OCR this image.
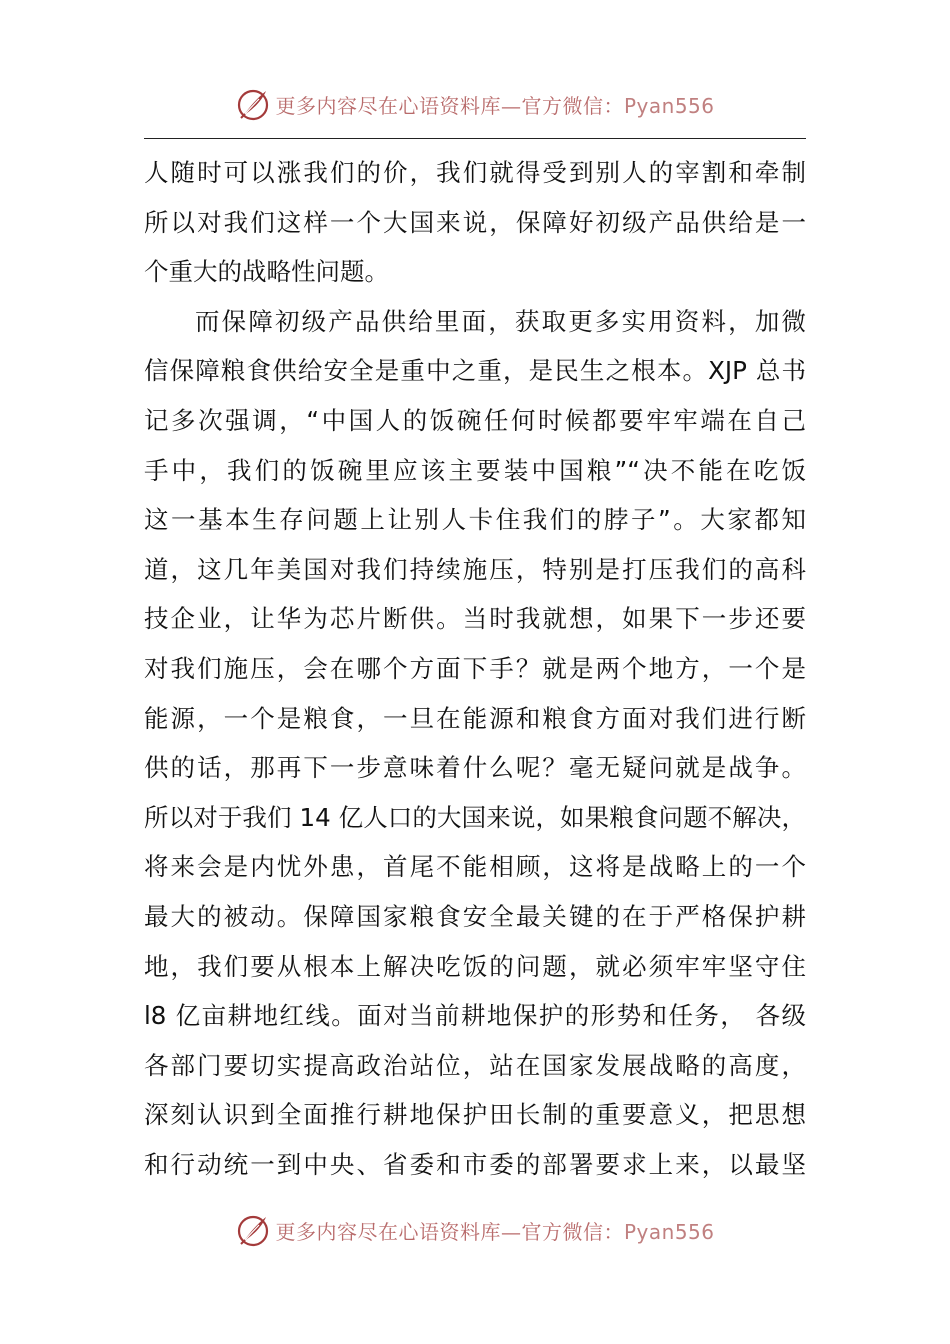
更多内容尽在心语资料库—官方微信：Pyan556
人随时可以涨我们的价，我们就得受到别人的宰割和牵制
所以对我们这样一个大国来说，保障好初级产品供给是一
个重大的战略性问题。
而保障初级产品供给里面，获取更多实用资料，加微
信保障粮食供给安全是重中之重，是民生之根本。XJP 总书
记多次强调，“中国人的饭碗任何时候都要牢牢端在自己
手中，我们的饭碗里应该主要装中国粮”“决不能在吃饭
这一基本生存问题上让别人卡住我们的脖子”。大家都知
道，这几年美国对我们持续施压，特别是打压我们的高科
技企业，让华为芯片断供。当时我就想，如果下一步还要
对我们施压，会在哪个方面下手？就是两个地方，一个是
能源，一个是粮食，一旦在能源和粮食方面对我们进行断
供的话，那再下一步意味着什么呢？毫无疑问就是战争。
所以对于我们 14 亿人口的大国来说，如果粮食问题不解决，
将来会是内忧外患，首尾不能相顾，这将是战略上的一个
最大的被动。保障国家粮食安全最关键的在于严格保护耕
地，我们要从根本上解决吃饭的问题，就必须牢牢坚守住
l8 亿亩耕地红线。面对当前耕地保护的形势和任务， 各级
各部门要切实提高政治站位，站在国家发展战略的高度，
深刻认识到全面推行耕地保护田长制的重要意义，把思想
和行动统一到中央、省委和市委的部署要求上来，以最坚
更多内容尽在心语资料库—官方微信：Pyan556
